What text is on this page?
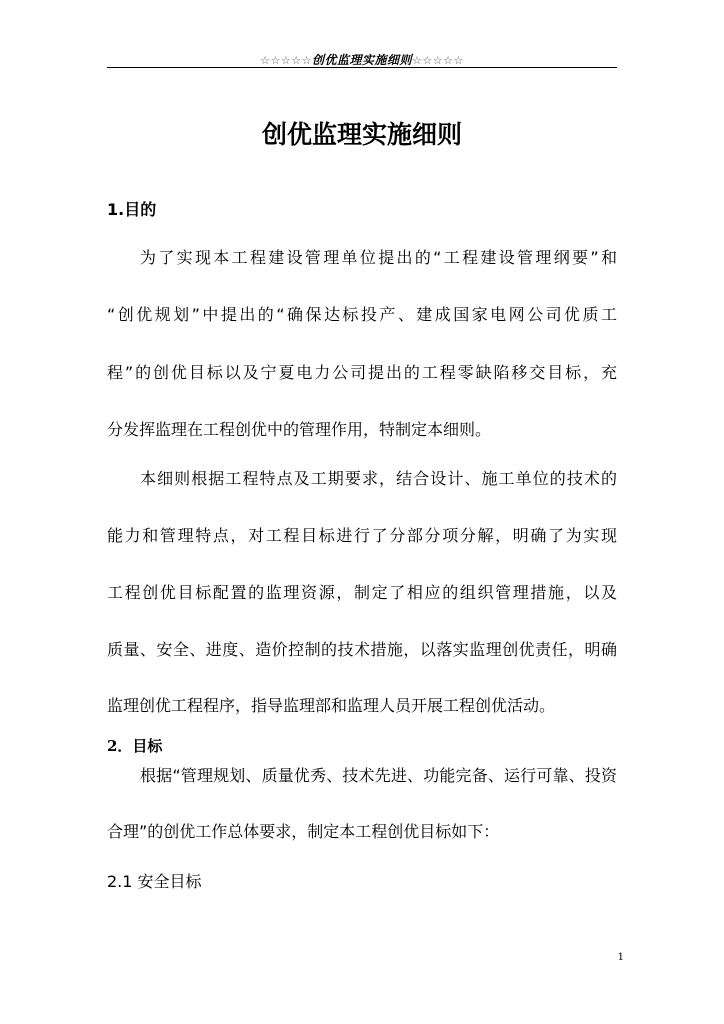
☆☆☆☆☆创优监理实施细则☆☆☆☆☆
创优监理实施细则
1.目的
为了实现本工程建设管理单位提出的“工程建设管理纲要”和
“创优规划”中提出的“确保达标投产、建成国家电网公司优质工
程”的创优目标以及宁夏电力公司提出的工程零缺陷移交目标，充
分发挥监理在工程创优中的管理作用，特制定本细则。
本细则根据工程特点及工期要求，结合设计、施工单位的技术的
能力和管理特点，对工程目标进行了分部分项分解，明确了为实现
工程创优目标配置的监理资源，制定了相应的组织管理措施，以及
质量、安全、进度、造价控制的技术措施，以落实监理创优责任，明确
监理创优工程程序，指导监理部和监理人员开展工程创优活动。
2．目标
根据“管理规划、质量优秀、技术先进、功能完备、运行可靠、投资
合理”的创优工作总体要求，制定本工程创优目标如下：
2.1 安全目标
1
